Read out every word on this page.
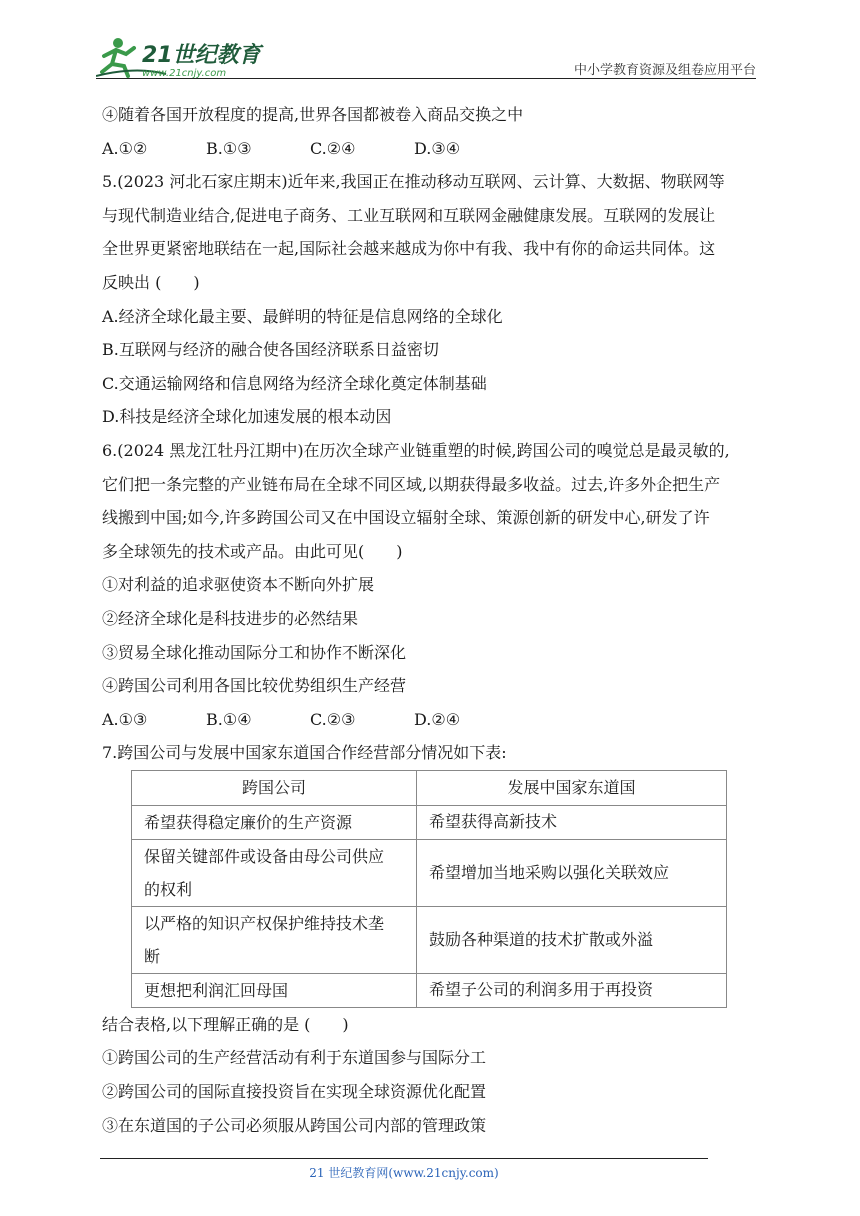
21世纪教育
www.21cnjy.com	中小学教育资源及组卷应用平台
④随着各国开放程度的提高,世界各国都被卷入商品交换之中
A.①②	B.①③	C.②④	D.③④
5.(2023 河北石家庄期末)近年来,我国正在推动移动互联网、云计算、大数据、物联网等
与现代制造业结合,促进电子商务、工业互联网和互联网金融健康发展。互联网的发展让
全世界更紧密地联结在一起,国际社会越来越成为你中有我、我中有你的命运共同体。这
反映出 (　　)
A.经济全球化最主要、最鲜明的特征是信息网络的全球化
B.互联网与经济的融合使各国经济联系日益密切
C.交通运输网络和信息网络为经济全球化奠定体制基础
D.科技是经济全球化加速发展的根本动因
6.(2024 黑龙江牡丹江期中)在历次全球产业链重塑的时候,跨国公司的嗅觉总是最灵敏的,
它们把一条完整的产业链布局在全球不同区域,以期获得最多收益。过去,许多外企把生产
线搬到中国;如今,许多跨国公司又在中国设立辐射全球、策源创新的研发中心,研发了许
多全球领先的技术或产品。由此可见(　　)
①对利益的追求驱使资本不断向外扩展
②经济全球化是科技进步的必然结果
③贸易全球化推动国际分工和协作不断深化
④跨国公司利用各国比较优势组织生产经营
A.①③	B.①④	C.②③	D.②④
7.跨国公司与发展中国家东道国合作经营部分情况如下表:
跨国公司	发展中国家东道国
希望获得稳定廉价的生产资源	希望获得高新技术
保留关键部件或设备由母公司供应
的权利	希望增加当地采购以强化关联效应
以严格的知识产权保护维持技术垄
断	鼓励各种渠道的技术扩散或外溢
更想把利润汇回母国	希望子公司的利润多用于再投资
结合表格,以下理解正确的是 (　　)
①跨国公司的生产经营活动有利于东道国参与国际分工
②跨国公司的国际直接投资旨在实现全球资源优化配置
③在东道国的子公司必须服从跨国公司内部的管理政策
21 世纪教育网(www.21cnjy.com)
